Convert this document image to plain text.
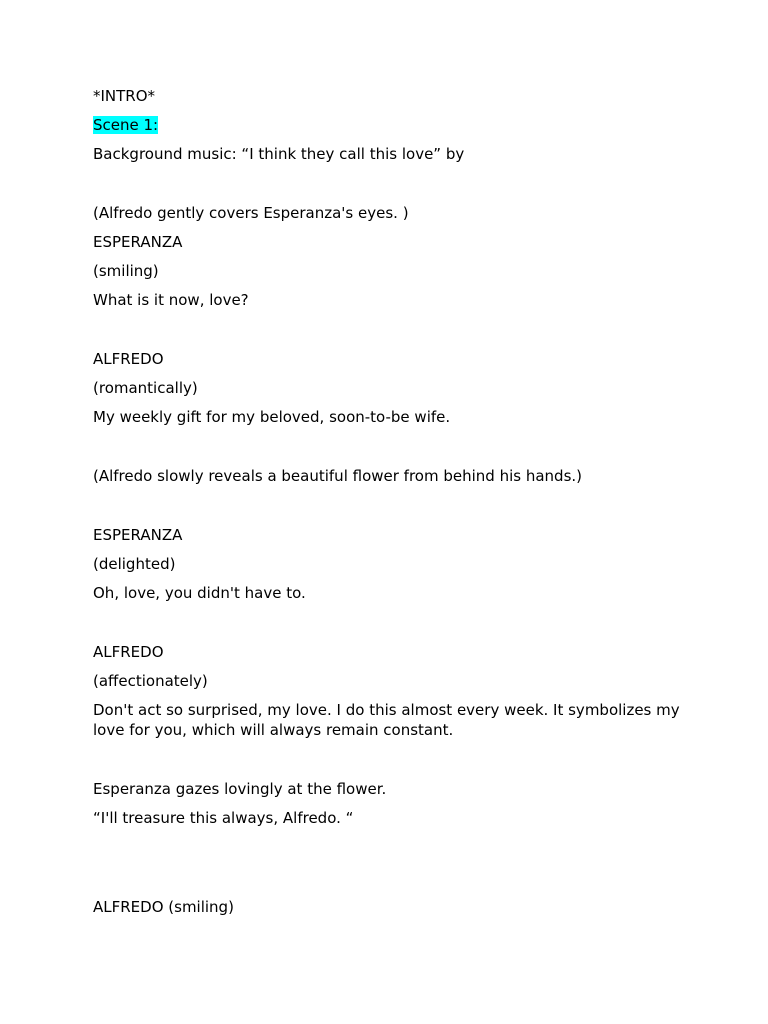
*INTRO*
Scene 1:
Background music: “I think they call this love” by
(Alfredo gently covers Esperanza's eyes. )
ESPERANZA
(smiling)
What is it now, love?
ALFREDO
(romantically)
My weekly gift for my beloved, soon-to-be wife.
(Alfredo slowly reveals a beautiful flower from behind his hands.)
ESPERANZA
(delighted)
Oh, love, you didn't have to.
ALFREDO
(affectionately)
Don't act so surprised, my love. I do this almost every week. It symbolizes my love for you, which will always remain constant.
Esperanza gazes lovingly at the flower.
“I'll treasure this always, Alfredo. “
ALFREDO (smiling)
